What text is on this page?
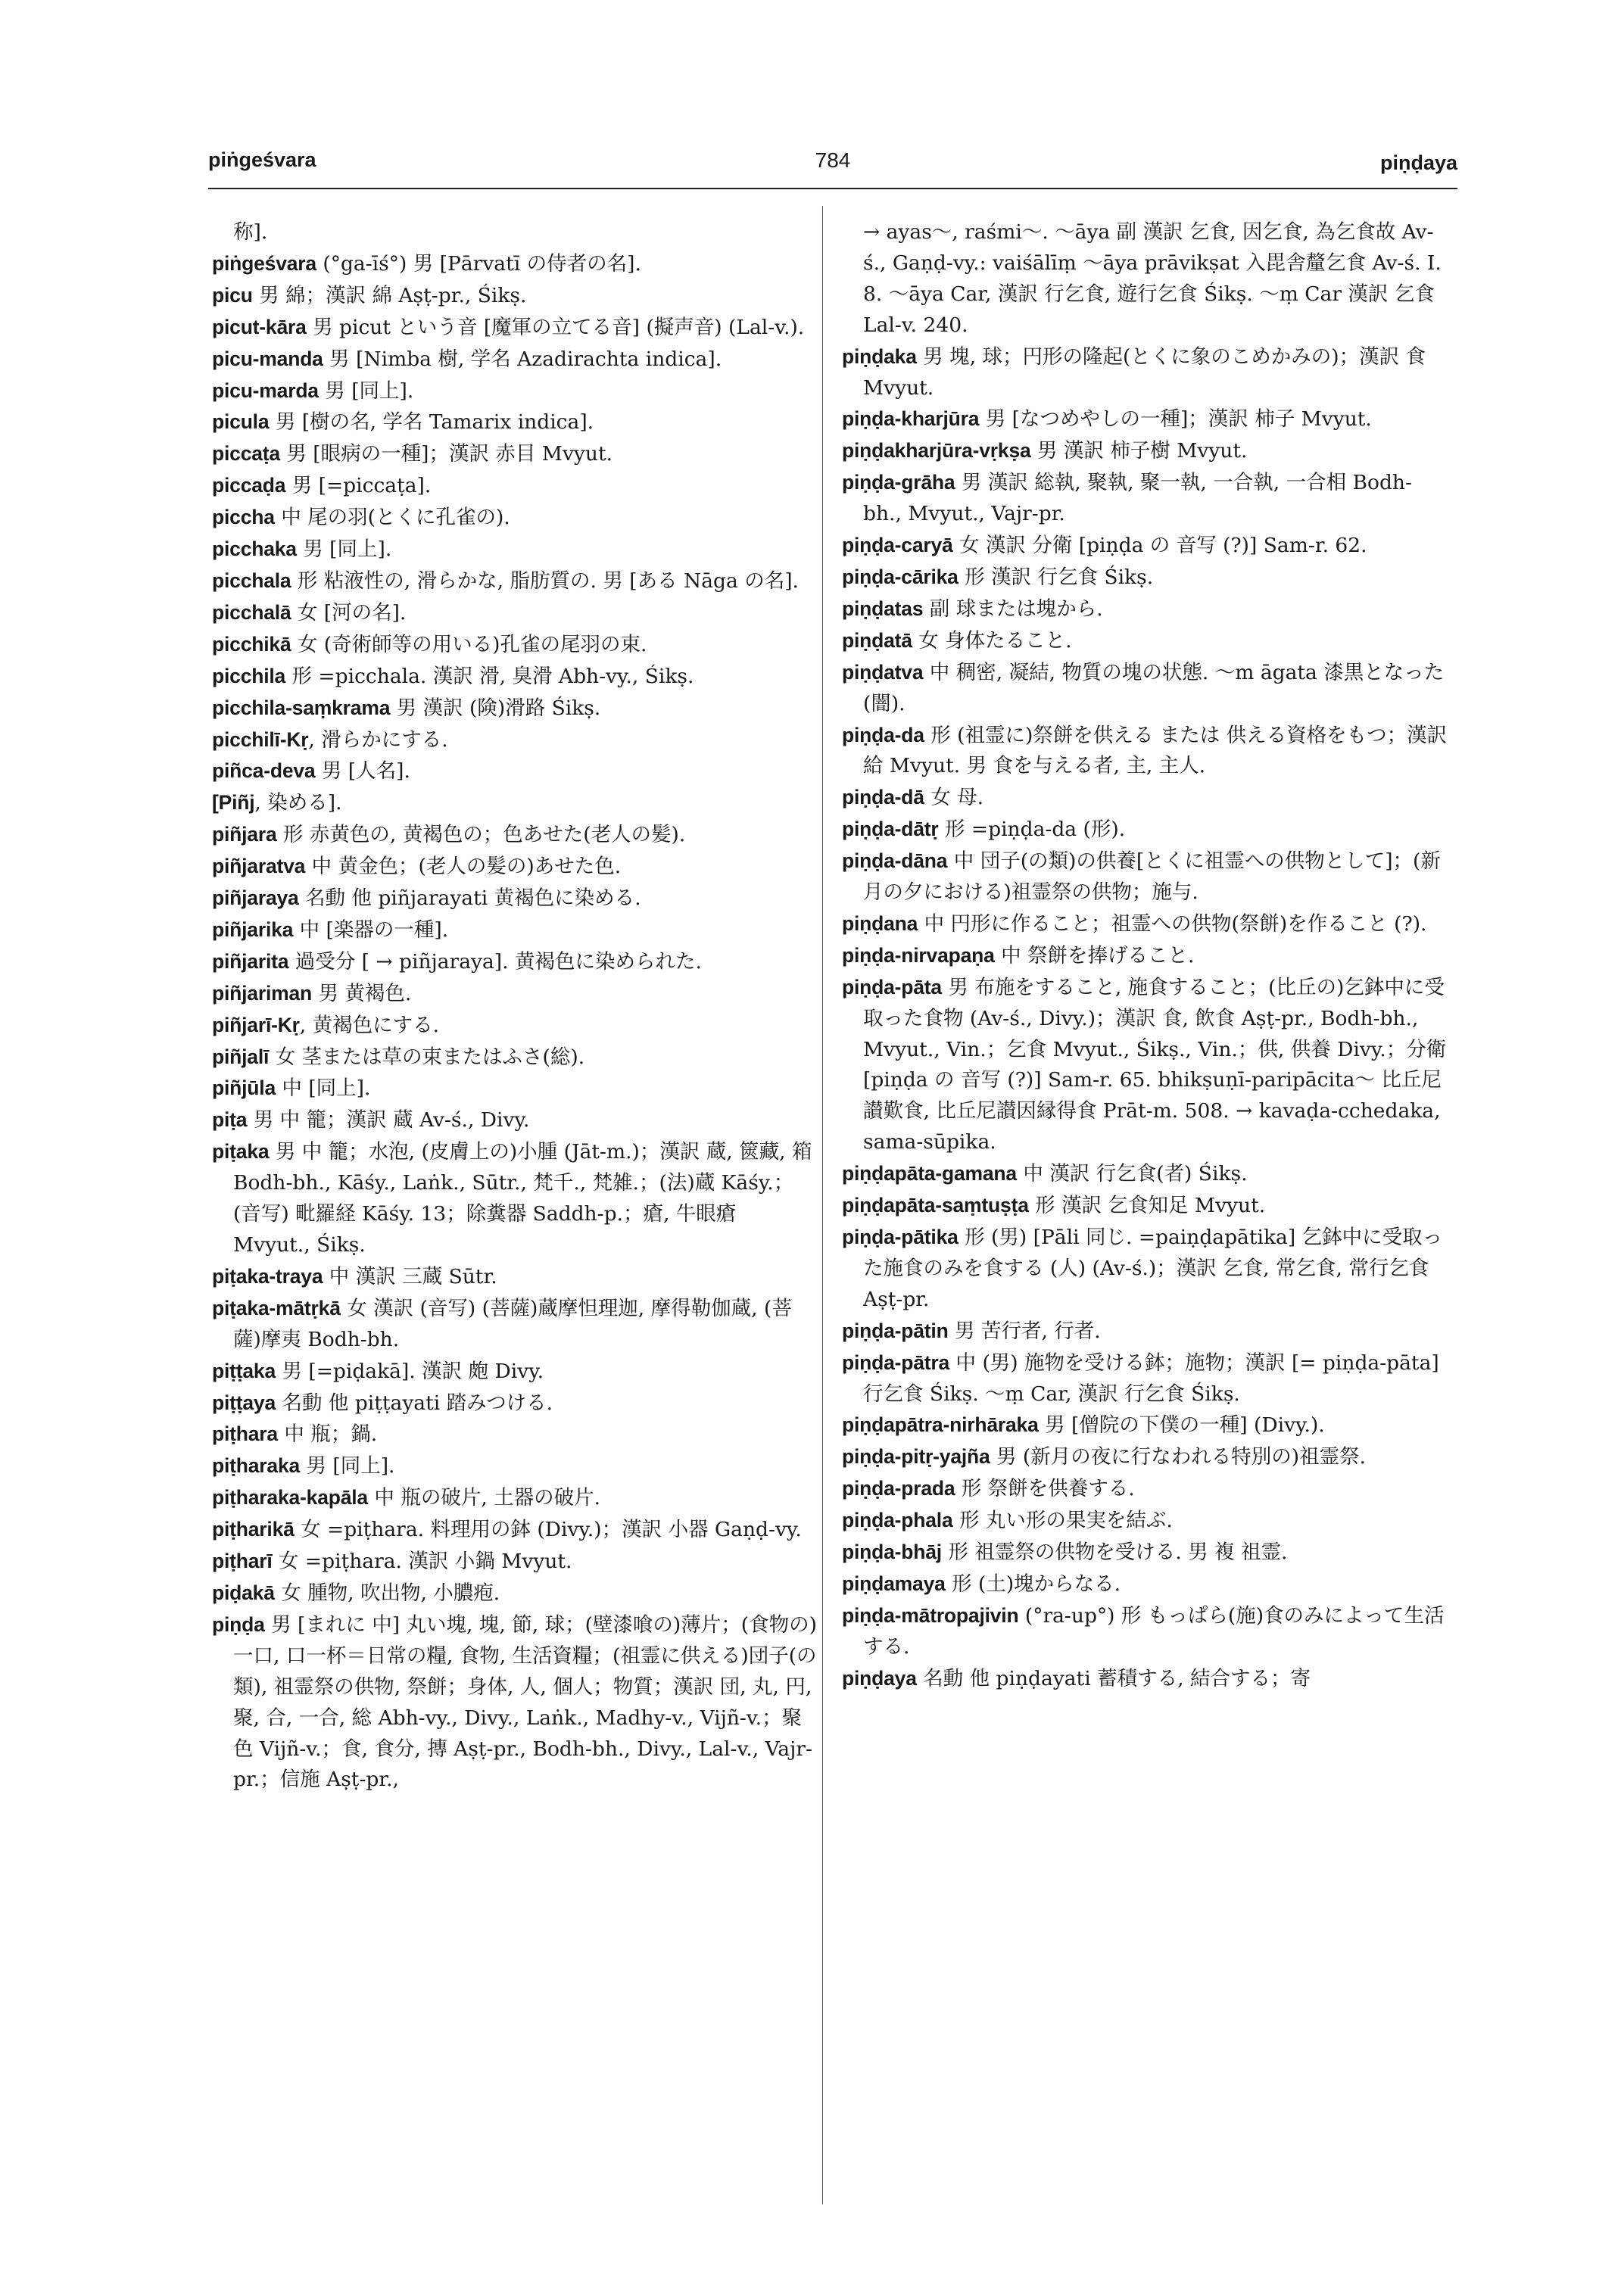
piṅgeśvara	784	piṇḍaya

称].

piṅgeśvara (°ga-īś°) 男 [Pārvatī の侍者の名].

picu 男 綿；漢訳 綿 Aṣṭ-pr., Śikṣ.

picut-kāra 男 picut という音 [魔軍の立てる音] (擬声音) (Lal-v.).

picu-manda 男 [Nimba 樹, 学名 Azadirachta indica].

picu-marda 男 [同上].

picula 男 [樹の名, 学名 Tamarix indica].

piccaṭa 男 [眼病の一種]；漢訳 赤目 Mvyut.

piccaḍa 男 [=piccaṭa].

piccha 中 尾の羽(とくに孔雀の).

picchaka 男 [同上].

picchala 形 粘液性の, 滑らかな, 脂肪質の. 男 [ある Nāga の名].

picchalā 女 [河の名].

picchikā 女 (奇術師等の用いる)孔雀の尾羽の束.

picchila 形 =picchala. 漢訳 滑, 臭滑 Abh-vy., Śikṣ.

picchila-saṃkrama 男 漢訳 (険)滑路 Śikṣ.

picchilī-Kṛ, 滑らかにする.

piñca-deva 男 [人名].

[Piñj, 染める].

piñjara 形 赤黄色の, 黄褐色の；色あせた(老人の髪).

piñjaratva 中 黄金色；(老人の髪の)あせた色.

piñjaraya 名動 他 piñjarayati 黄褐色に染める.

piñjarika 中 [楽器の一種].

piñjarita 過受分 [ → piñjaraya]. 黄褐色に染められた.

piñjariman 男 黄褐色.

piñjarī-Kṛ, 黄褐色にする.

piñjalī 女 茎または草の束またはふさ(総).

piñjūla 中 [同上].

piṭa 男 中 籠；漢訳 蔵 Av-ś., Divy.

piṭaka 男 中 籠；水泡, (皮膚上の)小腫 (Jāt-m.)；漢訳 蔵, 篋藏, 箱 Bodh-bh., Kāśy., Laṅk., Sūtr., 梵千., 梵雑.；(法)蔵 Kāśy.；(音写) 毗羅経 Kāśy. 13；除糞器 Saddh-p.；瘡, 牛眼瘡 Mvyut., Śikṣ.

piṭaka-traya 中 漢訳 三蔵 Sūtr.

piṭaka-mātṛkā 女 漢訳 (音写) (菩薩)蔵摩怛理迦, 摩得勒伽蔵, (菩薩)摩夷 Bodh-bh.

piṭṭaka 男 [=piḍakā]. 漢訳 皰 Divy.

piṭṭaya 名動 他 piṭṭayati 踏みつける.

piṭhara 中 瓶；鍋.

piṭharaka 男 [同上].

piṭharaka-kapāla 中 瓶の破片, 土器の破片.

piṭharikā 女 =piṭhara. 料理用の鉢 (Divy.)；漢訳 小器 Gaṇḍ-vy.

piṭharī 女 =piṭhara. 漢訳 小鍋 Mvyut.

piḍakā 女 腫物, 吹出物, 小膿疱.

piṇḍa 男 [まれに 中] 丸い塊, 塊, 節, 球；(壁漆喰の)薄片；(食物の)一口, 口一杯＝日常の糧, 食物, 生活資糧；(祖霊に供える)団子(の類), 祖霊祭の供物, 祭餅；身体, 人, 個人；物質；漢訳 団, 丸, 円, 聚, 合, 一合, 総 Abh-vy., Divy., Laṅk., Madhy-v., Vijñ-v.；聚色 Vijñ-v.；食, 食分, 摶 Aṣṭ-pr., Bodh-bh., Divy., Lal-v., Vajr-pr.；信施 Aṣṭ-pr.,

→ ayas～, raśmi～. ～āya 副 漢訳 乞食, 因乞食, 為乞食故 Av-ś., Gaṇḍ-vy.: vaiśālīṃ ～āya prāvikṣat 入毘舎釐乞食 Av-ś. I. 8. ～āya Car, 漢訳 行乞食, 遊行乞食 Śikṣ. ～ṃ Car 漢訳 乞食 Lal-v. 240.

piṇḍaka 男 塊, 球；円形の隆起(とくに象のこめかみの)；漢訳 食 Mvyut.

piṇḍa-kharjūra 男 [なつめやしの一種]；漢訳 柿子 Mvyut.

piṇḍakharjūra-vṛkṣa 男 漢訳 柿子樹 Mvyut.

piṇḍa-grāha 男 漢訳 総執, 聚執, 聚一執, 一合執, 一合相 Bodh-bh., Mvyut., Vajr-pr.

piṇḍa-caryā 女 漢訳 分衛 [piṇḍa の 音写 (?)] Sam-r. 62.

piṇḍa-cārika 形 漢訳 行乞食 Śikṣ.

piṇḍatas 副 球または塊から.

piṇḍatā 女 身体たること.

piṇḍatva 中 稠密, 凝結, 物質の塊の状態. ～m āgata 漆黒となった(闇).

piṇḍa-da 形 (祖霊に)祭餅を供える または 供える資格をもつ；漢訳 給 Mvyut. 男 食を与える者, 主, 主人.

piṇḍa-dā 女 母.

piṇḍa-dātṛ 形 =piṇḍa-da (形).

piṇḍa-dāna 中 団子(の類)の供養[とくに祖霊への供物として]；(新月の夕における)祖霊祭の供物；施与.

piṇḍana 中 円形に作ること；祖霊への供物(祭餅)を作ること (?).

piṇḍa-nirvapaṇa 中 祭餅を捧げること.

piṇḍa-pāta 男 布施をすること, 施食すること；(比丘の)乞鉢中に受取った食物 (Av-ś., Divy.)；漢訳 食, 飲食 Aṣṭ-pr., Bodh-bh., Mvyut., Vin.；乞食 Mvyut., Śikṣ., Vin.；供, 供養 Divy.；分衛 [piṇḍa の 音写 (?)] Sam-r. 65. bhikṣuṇī-paripācita～ 比丘尼讃歎食, 比丘尼讃因縁得食 Prāt-m. 508. → kavaḍa-cchedaka, sama-sūpika.

piṇḍapāta-gamana 中 漢訳 行乞食(者) Śikṣ.

piṇḍapāta-saṃtuṣṭa 形 漢訳 乞食知足 Mvyut.

piṇḍa-pātika 形 (男) [Pāli 同じ. =paiṇḍapātika] 乞鉢中に受取った施食のみを食する (人) (Av-ś.)；漢訳 乞食, 常乞食, 常行乞食 Aṣṭ-pr.

piṇḍa-pātin 男 苦行者, 行者.

piṇḍa-pātra 中 (男) 施物を受ける鉢；施物；漢訳 [= piṇḍa-pāta] 行乞食 Śikṣ. ～ṃ Car, 漢訳 行乞食 Śikṣ.

piṇḍapātra-nirhāraka 男 [僧院の下僕の一種] (Divy.).

piṇḍa-pitṛ-yajña 男 (新月の夜に行なわれる特別の)祖霊祭.

piṇḍa-prada 形 祭餅を供養する.

piṇḍa-phala 形 丸い形の果実を結ぶ.

piṇḍa-bhāj 形 祖霊祭の供物を受ける. 男 複 祖霊.

piṇḍamaya 形 (土)塊からなる.

piṇḍa-mātropajivin (°ra-up°) 形 もっぱら(施)食のみによって生活する.

piṇḍaya 名動 他 piṇḍayati 蓄積する, 結合する；寄
